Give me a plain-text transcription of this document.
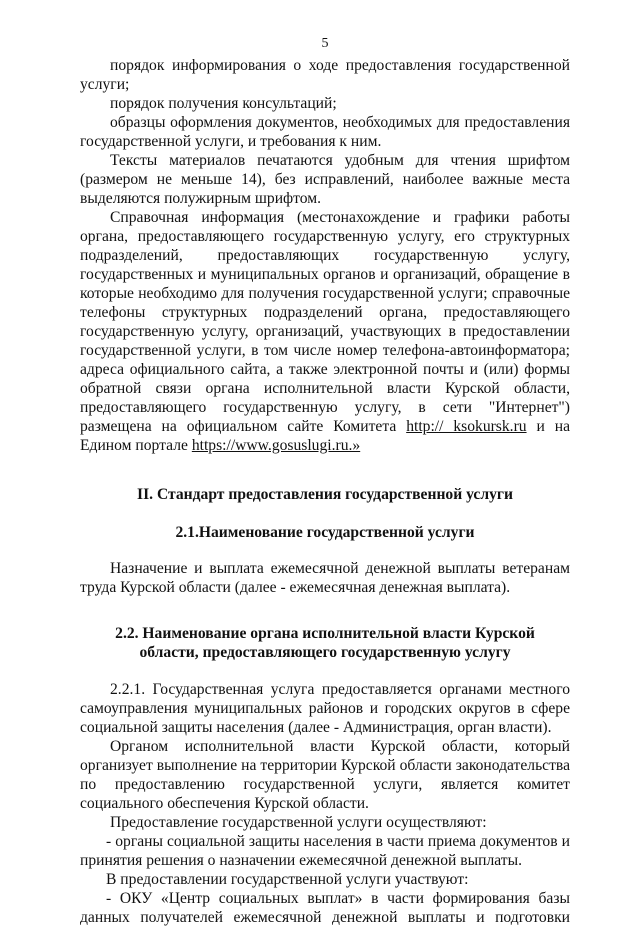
5

порядок информирования о ходе предоставления государственной услуги;

порядок получения консультаций;

образцы оформления документов, необходимых для предоставления государственной услуги, и требования к ним.

Тексты материалов печатаются удобным для чтения шрифтом (размером не меньше 14), без исправлений, наиболее важные места выделяются полужирным шрифтом.

Справочная информация (местонахождение и графики работы органа, предоставляющего государственную услугу, его структурных подразделений, предоставляющих государственную услугу, государственных и муниципальных органов и организаций, обращение в которые необходимо для получения государственной услуги; справочные телефоны структурных подразделений органа, предоставляющего государственную услугу, организаций, участвующих в предоставлении государственной услуги, в том числе номер телефона-автоинформатора; адреса официального сайта, а также электронной почты и (или) формы обратной связи органа исполнительной власти Курской области, предоставляющего государственную услугу, в сети "Интернет") размещена на официальном сайте Комитета http:// ksokursk.ru и на Едином портале https://www.gosuslugi.ru.»

II. Стандарт предоставления государственной услуги

2.1.Наименование государственной услуги

Назначение и выплата ежемесячной денежной выплаты ветеранам труда Курской области (далее - ежемесячная денежная выплата).

2.2. Наименование органа исполнительной власти Курской

области, предоставляющего государственную услугу

2.2.1. Государственная услуга предоставляется органами местного самоуправления муниципальных районов и городских округов в сфере социальной защиты населения (далее - Администрация, орган власти).

Органом исполнительной власти Курской области, который организует выполнение на территории Курской области законодательства по предоставлению государственной услуги, является комитет социального обеспечения Курской области.

Предоставление государственной услуги осуществляют:

- органы социальной защиты населения в части приема документов и принятия решения о назначении ежемесячной денежной выплаты.

В предоставлении государственной услуги участвуют:

- ОКУ «Центр социальных выплат» в части формирования базы данных получателей ежемесячной денежной выплаты и подготовки
